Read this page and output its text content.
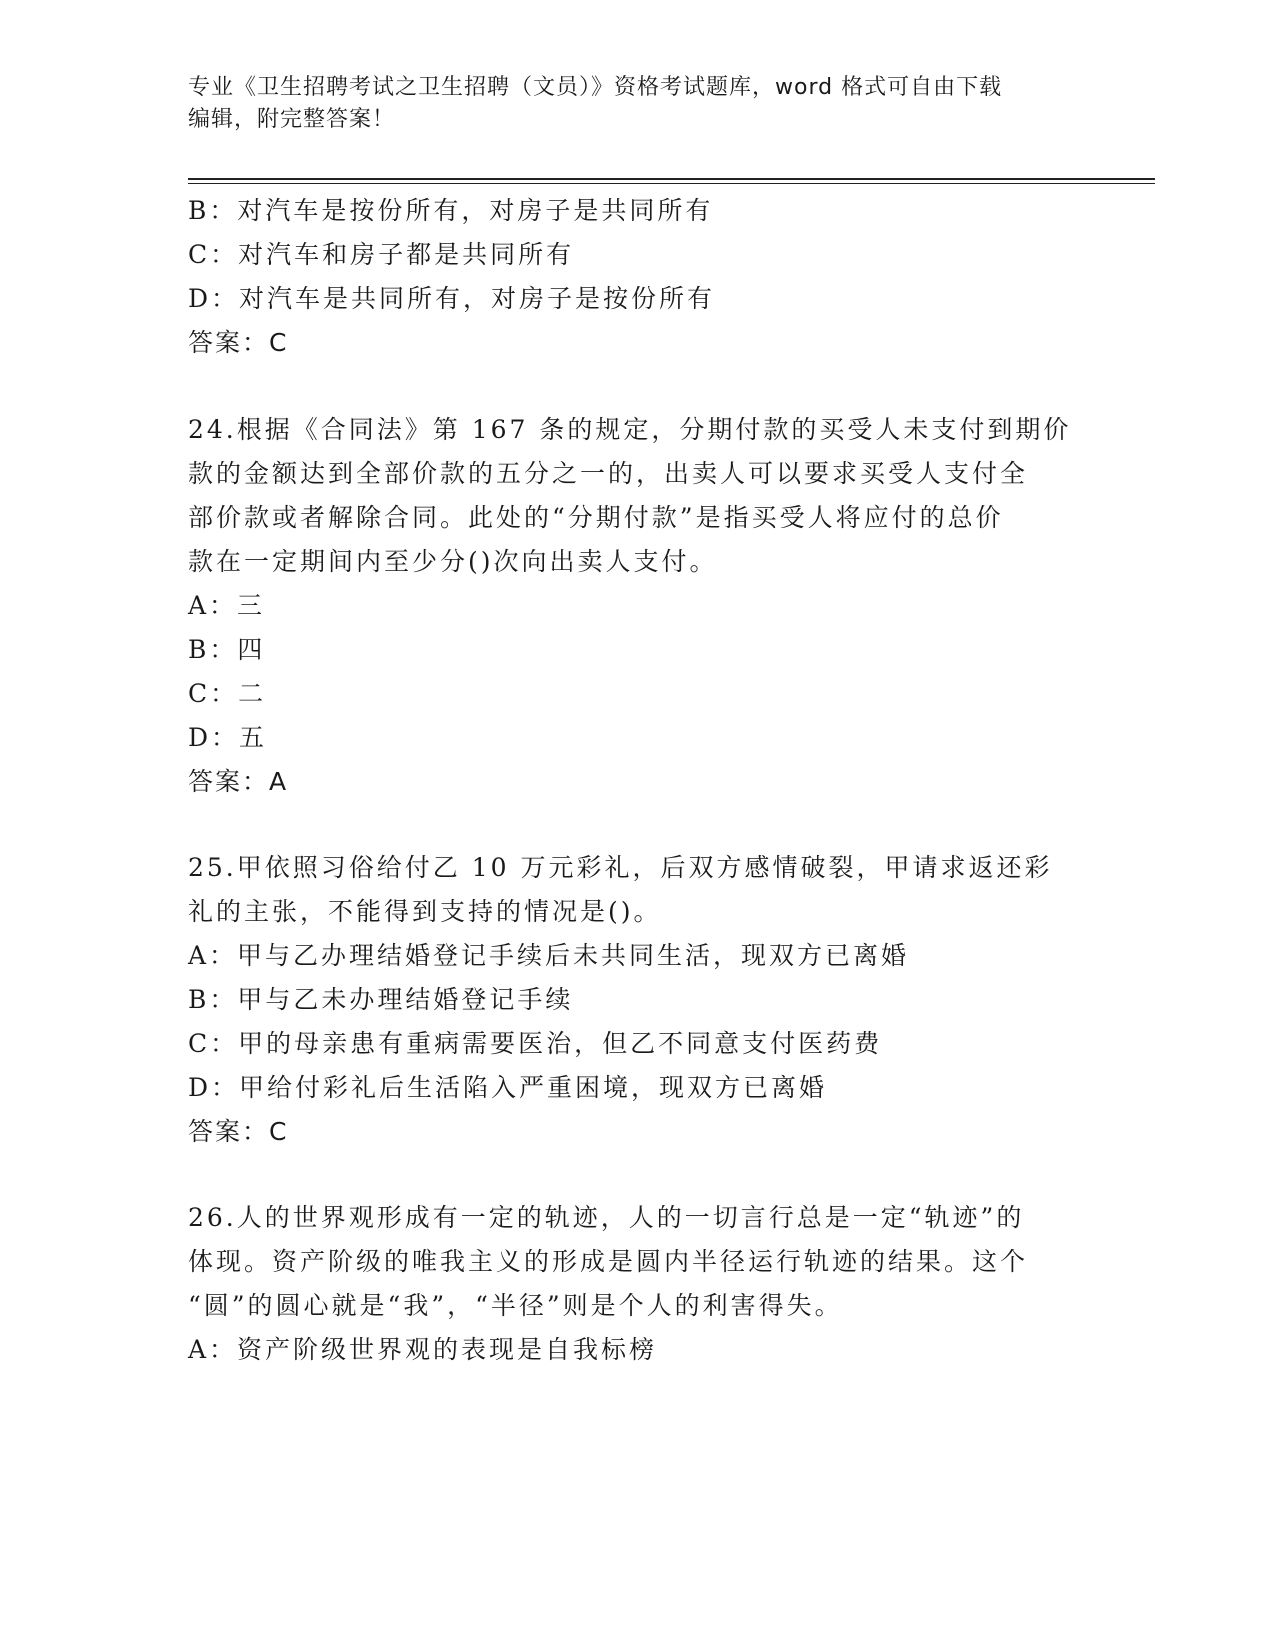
专业《卫生招聘考试之卫生招聘（文员）》资格考试题库，word 格式可自由下载
编辑，附完整答案！
B：对汽车是按份所有，对房子是共同所有
C：对汽车和房子都是共同所有
D：对汽车是共同所有，对房子是按份所有
答案：C
24.根据《合同法》第 167 条的规定，分期付款的买受人未支付到期价
款的金额达到全部价款的五分之一的，出卖人可以要求买受人支付全
部价款或者解除合同。此处的“分期付款”是指买受人将应付的总价
款在一定期间内至少分()次向出卖人支付。
A：三
B：四
C：二
D：五
答案：A
25.甲依照习俗给付乙 10 万元彩礼，后双方感情破裂，甲请求返还彩
礼的主张，不能得到支持的情况是()。
A：甲与乙办理结婚登记手续后未共同生活，现双方已离婚
B：甲与乙未办理结婚登记手续
C：甲的母亲患有重病需要医治，但乙不同意支付医药费
D：甲给付彩礼后生活陷入严重困境，现双方已离婚
答案：C
26.人的世界观形成有一定的轨迹，人的一切言行总是一定“轨迹”的
体现。资产阶级的唯我主义的形成是圆内半径运行轨迹的结果。这个
“圆”的圆心就是“我”，“半径”则是个人的利害得失。
A：资产阶级世界观的表现是自我标榜
